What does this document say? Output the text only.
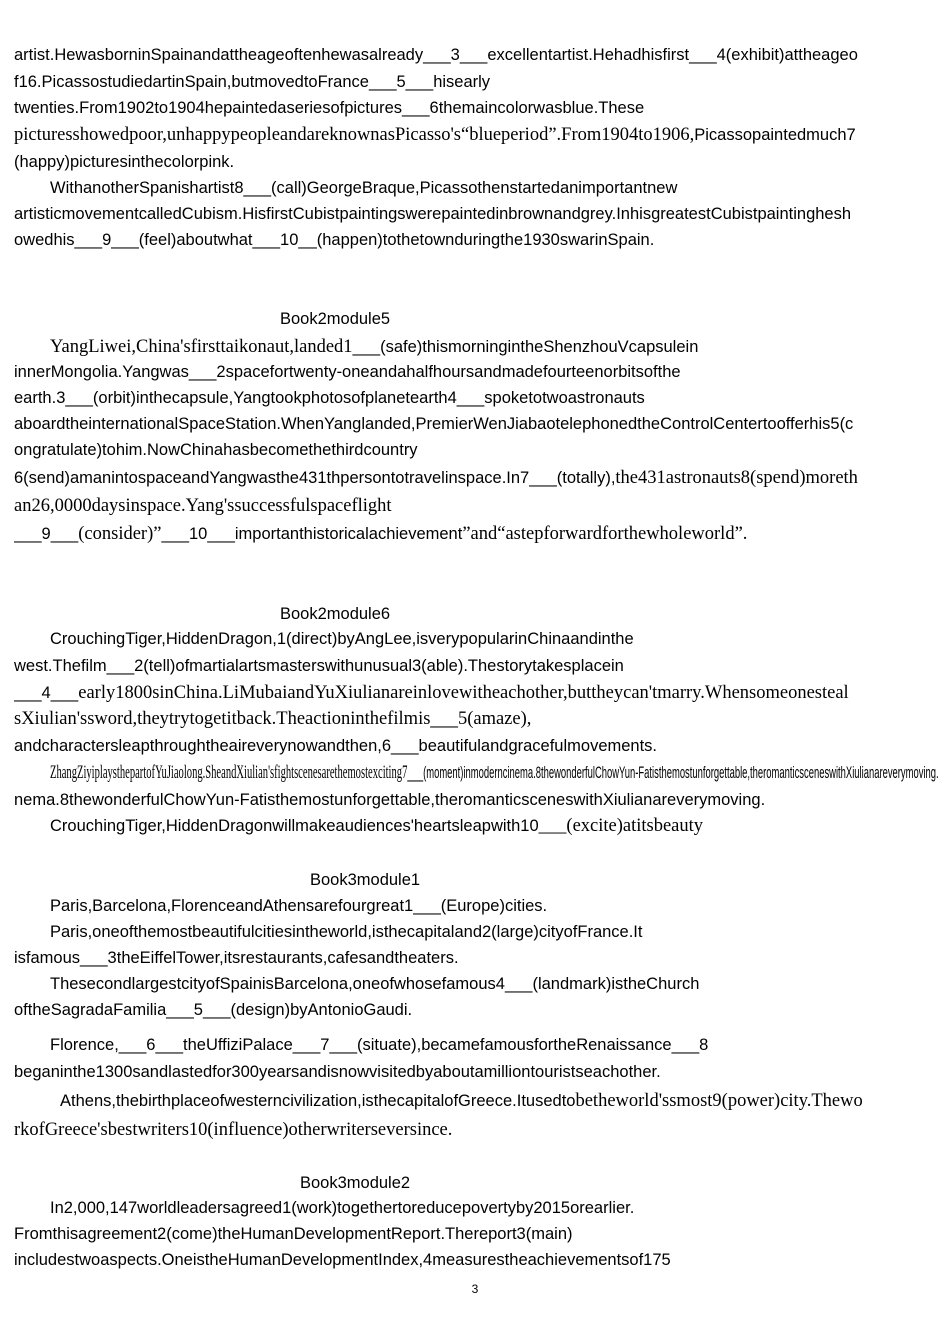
artist.HewasborninSpainandattheageoftenhewasalready___3___excellentartist.Hehadhisfirst___4(exhibit)attheageo
f16.PicassostudiedartinSpain,butmovedtoFrance___5___hisearly
twenties.From1902to1904hepaintedaseriesofpictures___6themaincolorwasblue.These
picturesshowedpoor,unhappypeopleandareknownasPicasso's“blueperiod”.From1904to1906,Picassopaintedmuch7
(happy)picturesinthecolorpink.
WithanotherSpanishartist8___(call)GeorgeBraque,Picassothenstartedanimportantnew
artisticmovementcalledCubism.HisfirstCubistpaintingswerepaintedinbrownandgrey.InhisgreatestCubistpaintinghesh
owedhis___9___(feel)aboutwhat___10__(happen)tothetownduringthe1930swarinSpain.
Book2module5
YangLiwei,China'sfirsttaikonaut,landed1___(safe)thismorningintheShenzhouVcapsulein
innerMongolia.Yangwas___2spacefortwenty-oneandahalfhoursandmadefourteenorbitsofthe
earth.3___(orbit)inthecapsule,Yangtookphotosofplanetearth4___spoketotwoastronauts
aboardtheinternationalSpaceStation.WhenYanglanded,PremierWenJiabaotelephonedtheControlCentertoofferhis5(c
ongratulate)tohim.NowChinahasbecomethethirdcountry
6(send)amanintospaceandYangwasthe431thpersontotravelinspace.In7___(totally),the431astronauts8(spend)moreth
an26,0000daysinspace.Yang'ssuccessfulspaceflight
___9___(consider)”___10___importanthistoricalachievement”and“astepforwardforthewholeworld”.
Book2module6
CrouchingTiger,HiddenDragon,1(direct)byAngLee,isverypopularinChinaandinthe
west.Thefilm___2(tell)ofmartialartsmasterswithunusual3(able).Thestorytakesplacein
___4___early1800sinChina.LiMubaiandYuXiulianareinlovewitheachother,buttheycan'tmarry.Whensomeonesteal
sXiulian'ssword,theytrytogetitback.Theactioninthefilmis___5(amaze),
andcharactersleapthroughtheaireverynowandthen,6___beautifulandgracefulmovements.
ZhangZiyiplaysthepartofYuJiaolong.SheandXiulian'sfightscenesarethemostexciting7___(moment)inmoderncinema.8thewonderfulChowYun-Fatisthemostunforgettable,theromanticsceneswithXiulianareverymoving.
nema.8thewonderfulChowYun-Fatisthemostunforgettable,theromanticsceneswithXiulianareverymoving.
CrouchingTiger,HiddenDragonwillmakeaudiences'heartsleapwith10___(excite)atitsbeauty
Book3module1
Paris,Barcelona,FlorenceandAthensarefourgreat1___(Europe)cities.
Paris,oneofthemostbeautifulcitiesintheworld,isthecapitaland2(large)cityofFrance.It
isfamous___3theEiffelTower,itsrestaurants,cafesandtheaters.
ThesecondlargestcityofSpainisBarcelona,oneofwhosefamous4___(landmark)istheChurch
oftheSagradaFamilia___5___(design)byAntonioGaudi.
Florence,___6___theUffiziPalace___7___(situate),becamefamousfortheRenaissance___8
beganinthe1300sandlastedfor300yearsandisnowvisitedbyaboutamilliontouristseachother.
Athens,thebirthplaceofwesterncivilization,isthecapitalofGreece.Itusedtobetheworld'ssmost9(power)city.Thewo
rkofGreece'sbestwriters10(influence)otherwriterseversince.
Book3module2
In2,000,147worldleadersagreed1(work)togethertoreducepovertyby2015orearlier.
Fromthisagreement2(come)theHumanDevelopmentReport.Thereport3(main)
includestwoaspects.OneistheHumanDevelopmentIndex,4measurestheachievementsof175
3
